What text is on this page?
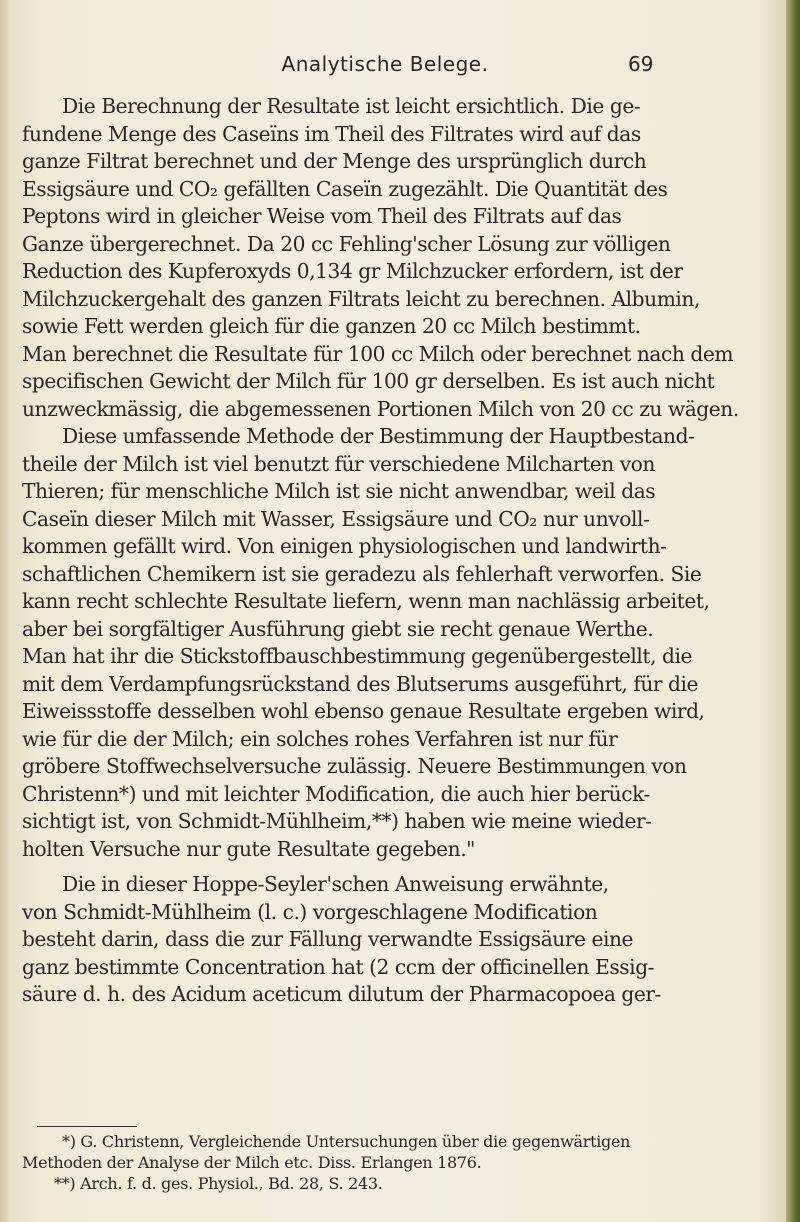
Analytische Belege.	69
Die Berechnung der Resultate ist leicht ersichtlich. Die ge-
fundene Menge des Caseïns im Theil des Filtrates wird auf das
ganze Filtrat berechnet und der Menge des ursprünglich durch
Essigsäure und CO₂ gefällten Caseïn zugezählt. Die Quantität des
Peptons wird in gleicher Weise vom Theil des Filtrats auf das
Ganze übergerechnet. Da 20 cc Fehling'scher Lösung zur völligen
Reduction des Kupferoxyds 0,134 gr Milchzucker erfordern, ist der
Milchzuckergehalt des ganzen Filtrats leicht zu berechnen. Albumin,
sowie Fett werden gleich für die ganzen 20 cc Milch bestimmt.
Man berechnet die Resultate für 100 cc Milch oder berechnet nach dem
specifischen Gewicht der Milch für 100 gr derselben. Es ist auch nicht
unzweckmässig, die abgemessenen Portionen Milch von 20 cc zu wägen.
Diese umfassende Methode der Bestimmung der Hauptbestand-
theile der Milch ist viel benutzt für verschiedene Milcharten von
Thieren; für menschliche Milch ist sie nicht anwendbar, weil das
Caseïn dieser Milch mit Wasser, Essigsäure und CO₂ nur unvoll-
kommen gefällt wird. Von einigen physiologischen und landwirth-
schaftlichen Chemikern ist sie geradezu als fehlerhaft verworfen. Sie
kann recht schlechte Resultate liefern, wenn man nachlässig arbeitet,
aber bei sorgfältiger Ausführung giebt sie recht genaue Werthe.
Man hat ihr die Stickstoffbauschbestimmung gegenübergestellt, die
mit dem Verdampfungsrückstand des Blutserums ausgeführt, für die
Eiweissstoffe desselben wohl ebenso genaue Resultate ergeben wird,
wie für die der Milch; ein solches rohes Verfahren ist nur für
gröbere Stoffwechselversuche zulässig. Neuere Bestimmungen von
Christenn*) und mit leichter Modification, die auch hier berück-
sichtigt ist, von Schmidt-Mühlheim,**) haben wie meine wieder-
holten Versuche nur gute Resultate gegeben."
Die in dieser Hoppe-Seyler'schen Anweisung erwähnte,
von Schmidt-Mühlheim (l. c.) vorgeschlagene Modification
besteht darin, dass die zur Fällung verwandte Essigsäure eine
ganz bestimmte Concentration hat (2 ccm der officinellen Essig-
säure d. h. des Acidum aceticum dilutum der Pharmacopoea ger-
*) G. Christenn, Vergleichende Untersuchungen über die gegenwärtigen
Methoden der Analyse der Milch etc. Diss. Erlangen 1876.
**) Arch. f. d. ges. Physiol., Bd. 28, S. 243.
